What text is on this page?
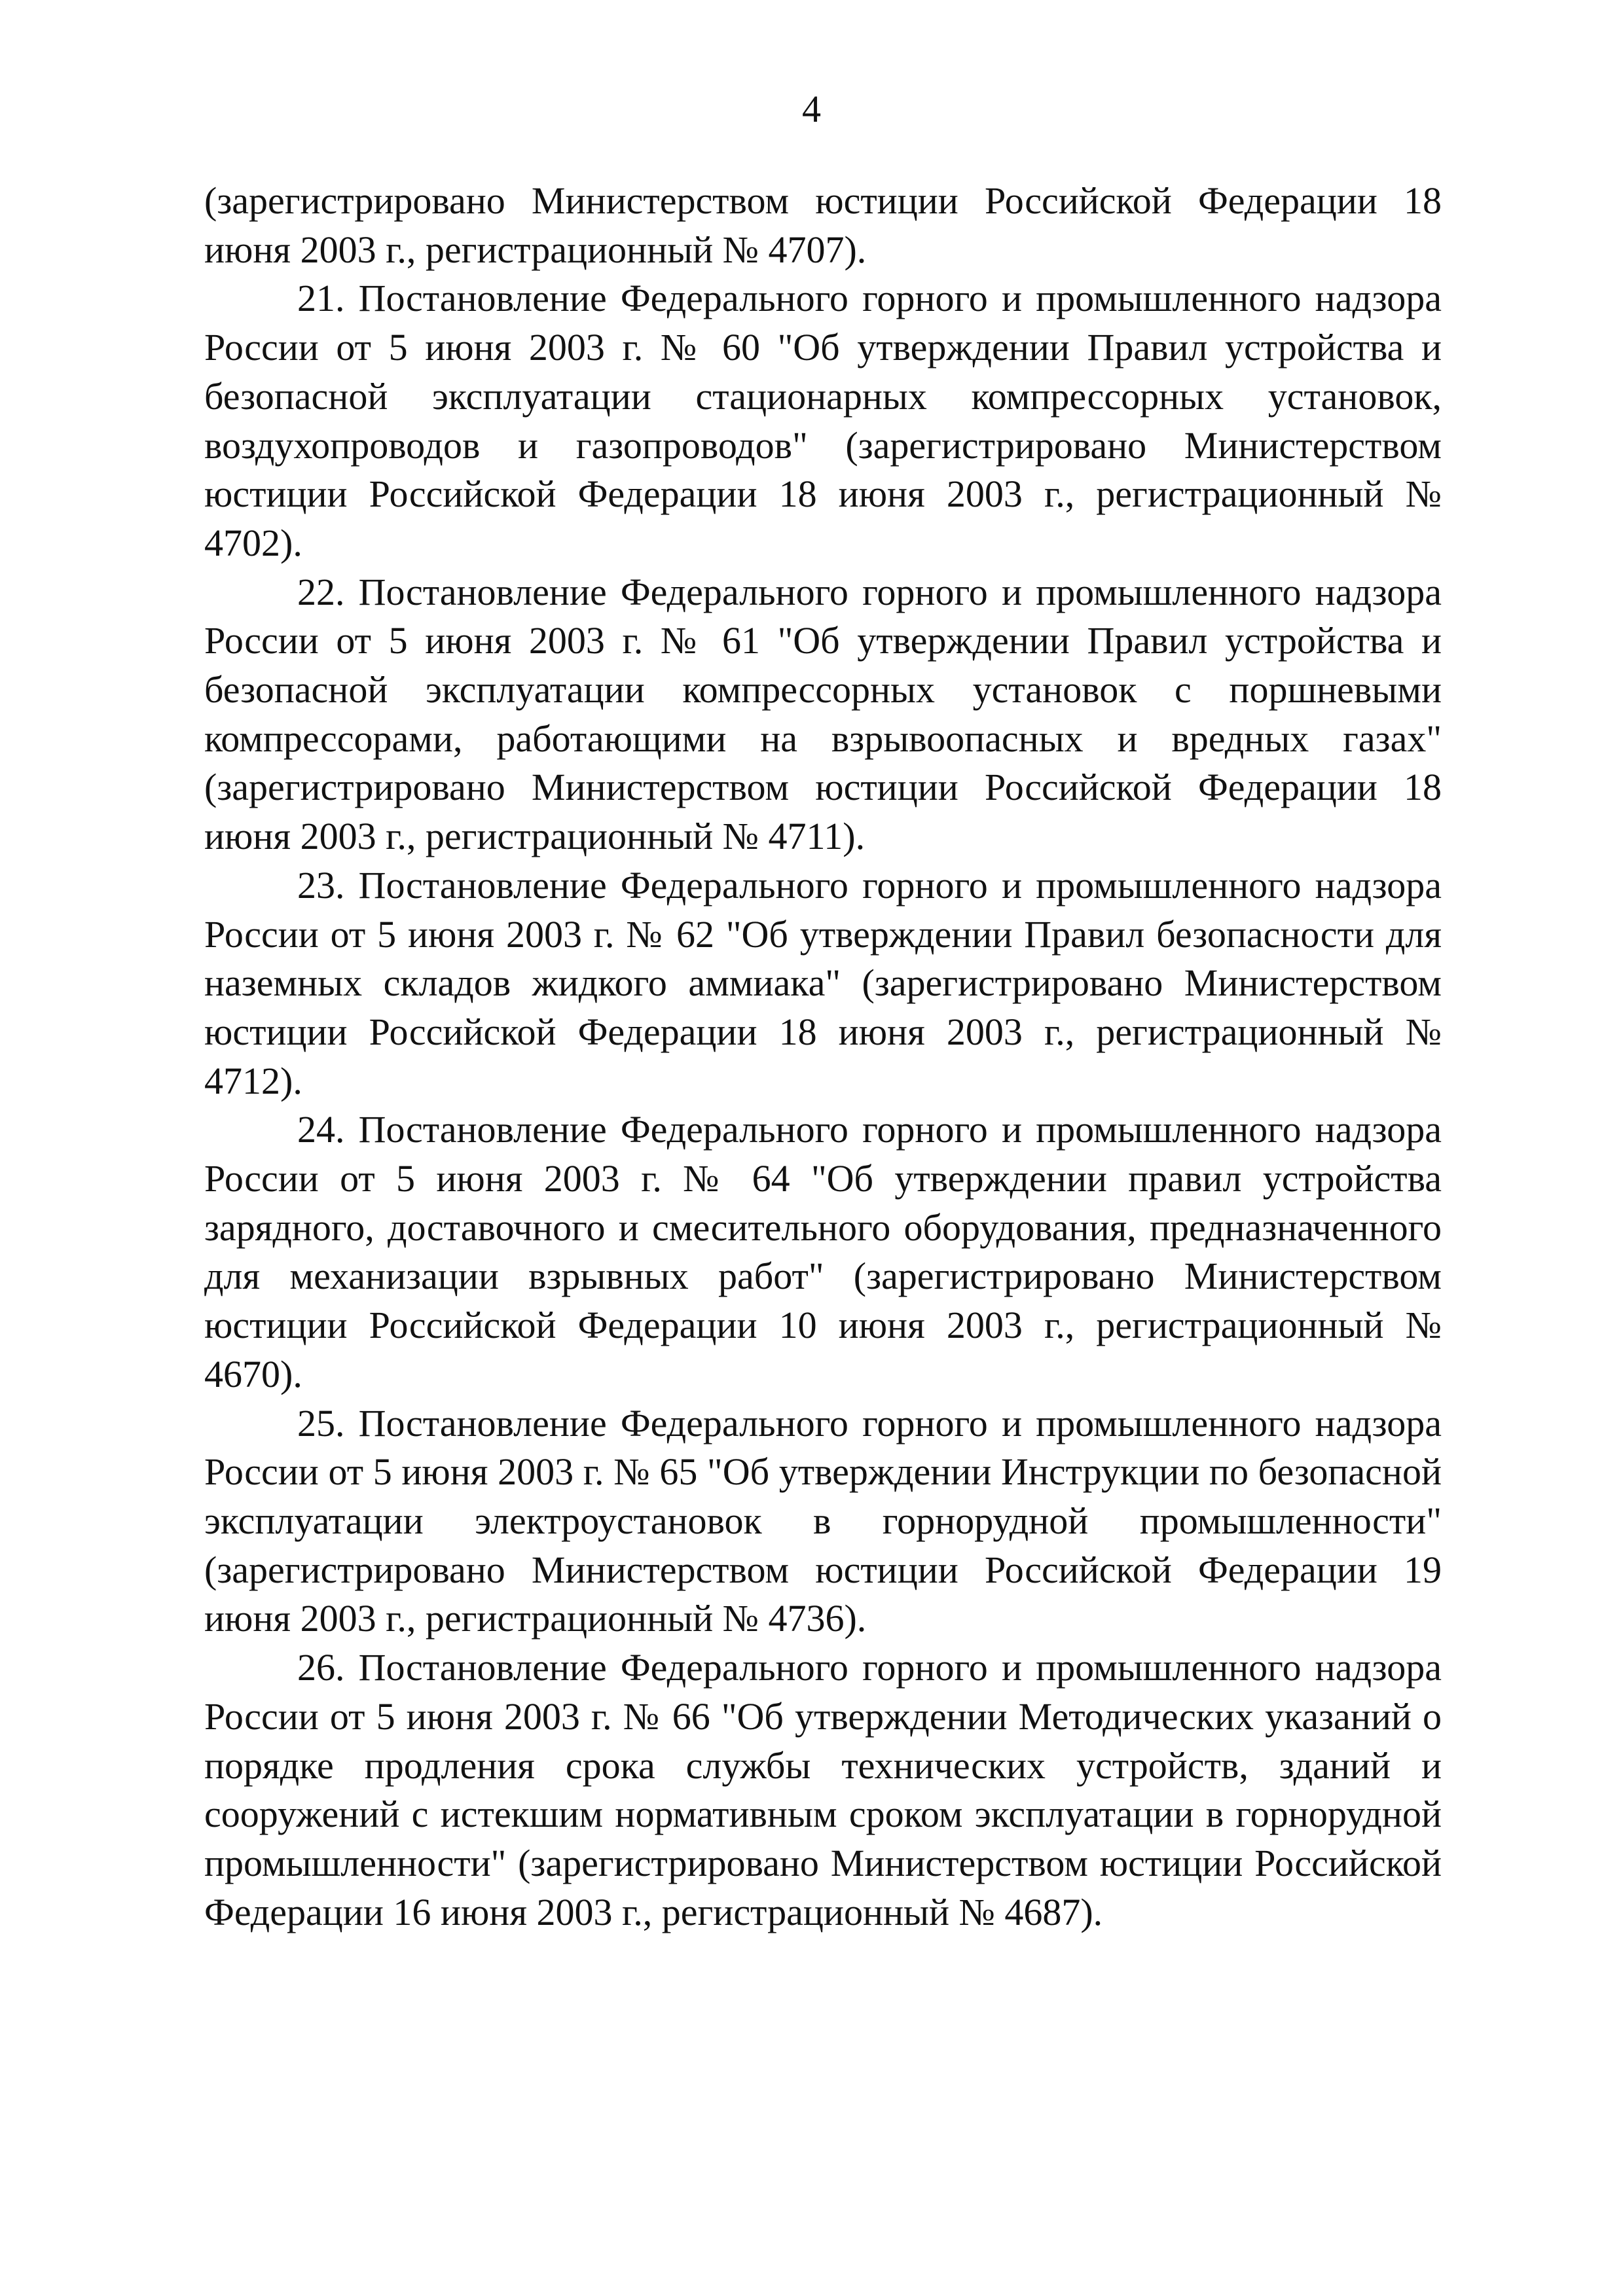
4

(зарегистрировано Министерством юстиции Российской Федерации 18 июня 2003 г., регистрационный № 4707).

21. Постановление Федерального горного и промышленного надзора России от 5 июня 2003 г. № 60 "Об утверждении Правил устройства и безопасной эксплуатации стационарных компрессорных установок, воздухопроводов и газопроводов" (зарегистрировано Министерством юстиции Российской Федерации 18 июня 2003 г., регистрационный № 4702).

22. Постановление Федерального горного и промышленного надзора России от 5 июня 2003 г. № 61 "Об утверждении Правил устройства и безопасной эксплуатации компрессорных установок с поршневыми компрессорами, работающими на взрывоопасных и вредных газах" (зарегистрировано Министерством юстиции Российской Федерации 18 июня 2003 г., регистрационный № 4711).

23. Постановление Федерального горного и промышленного надзора России от 5 июня 2003 г. № 62 "Об утверждении Правил безопасности для наземных складов жидкого аммиака" (зарегистрировано Министерством юстиции Российской Федерации 18 июня 2003 г., регистрационный № 4712).

24. Постановление Федерального горного и промышленного надзора России от 5 июня 2003 г. № 64 "Об утверждении правил устройства зарядного, доставочного и смесительного оборудования, предназначенного для механизации взрывных работ" (зарегистрировано Министерством юстиции Российской Федерации 10 июня 2003 г., регистрационный № 4670).

25. Постановление Федерального горного и промышленного надзора России от 5 июня 2003 г. № 65 "Об утверждении Инструкции по безопасной эксплуатации электроустановок в горнорудной промышленности" (зарегистрировано Министерством юстиции Российской Федерации 19 июня 2003 г., регистрационный № 4736).

26. Постановление Федерального горного и промышленного надзора России от 5 июня 2003 г. № 66 "Об утверждении Методических указаний о порядке продления срока службы технических устройств, зданий и сооружений с истекшим нормативным сроком эксплуатации в горнорудной промышленности" (зарегистрировано Министерством юстиции Российской Федерации 16 июня 2003 г., регистрационный № 4687).
